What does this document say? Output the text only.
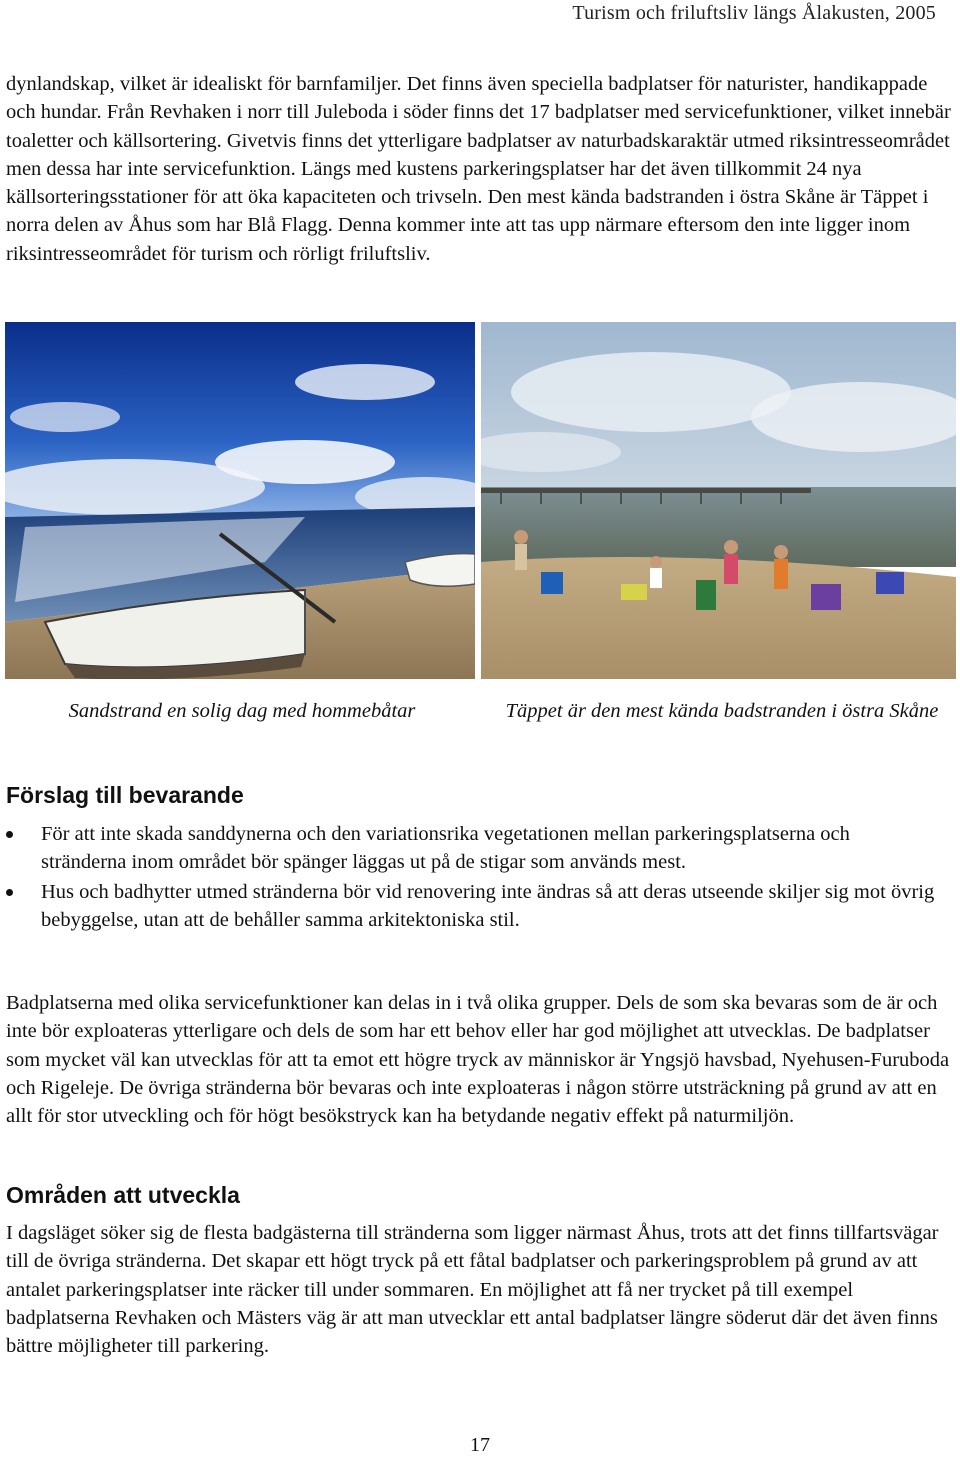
Turism och friluftsliv längs Ålakusten, 2005

dynlandskap, vilket är idealiskt för barnfamiljer. Det finns även speciella badplatser för naturister, handikappade och hundar. Från Revhaken i norr till Juleboda i söder finns det 17 badplatser med servicefunktioner, vilket innebär toaletter och källsortering. Givetvis finns det ytterligare badplatser av naturbadskaraktär utmed riksintresseområdet men dessa har inte servicefunktion. Längs med kustens parkeringsplatser har det även tillkommit 24 nya källsorteringsstationer för att öka kapaciteten och trivseln. Den mest kända badstranden i östra Skåne är Täppet i norra delen av Åhus som har Blå Flagg. Denna kommer inte att tas upp närmare eftersom den inte ligger inom riksintresseområdet för turism och rörligt friluftsliv.

Sandstrand en solig dag med hommebåtar	Täppet är den mest kända badstranden i östra Skåne

Förslag till bevarande
För att inte skada sanddynerna och den variationsrika vegetationen mellan parkeringsplatserna och stränderna inom området bör spänger läggas ut på de stigar som används mest.
Hus och badhytter utmed stränderna bör vid renovering inte ändras så att deras utseende skiljer sig mot övrig bebyggelse, utan att de behåller samma arkitektoniska stil.

Badplatserna med olika servicefunktioner kan delas in i två olika grupper. Dels de som ska bevaras som de är och inte bör exploateras ytterligare och dels de som har ett behov eller har god möjlighet att utvecklas. De badplatser som mycket väl kan utvecklas för att ta emot ett högre tryck av människor är Yngsjö havsbad, Nyehusen-Furuboda och Rigeleje. De övriga stränderna bör bevaras och inte exploateras i någon större utsträckning på grund av att en allt för stor utveckling och för högt besökstryck kan ha betydande negativ effekt på naturmiljön.

Områden att utveckla

I dagsläget söker sig de flesta badgästerna till stränderna som ligger närmast Åhus, trots att det finns tillfartsvägar till de övriga stränderna. Det skapar ett högt tryck på ett fåtal badplatser och parkeringsproblem på grund av att antalet parkeringsplatser inte räcker till under sommaren. En möjlighet att få ner trycket på till exempel badplatserna Revhaken och Mästers väg är att man utvecklar ett antal badplatser längre söderut där det även finns bättre möjligheter till parkering.

17
